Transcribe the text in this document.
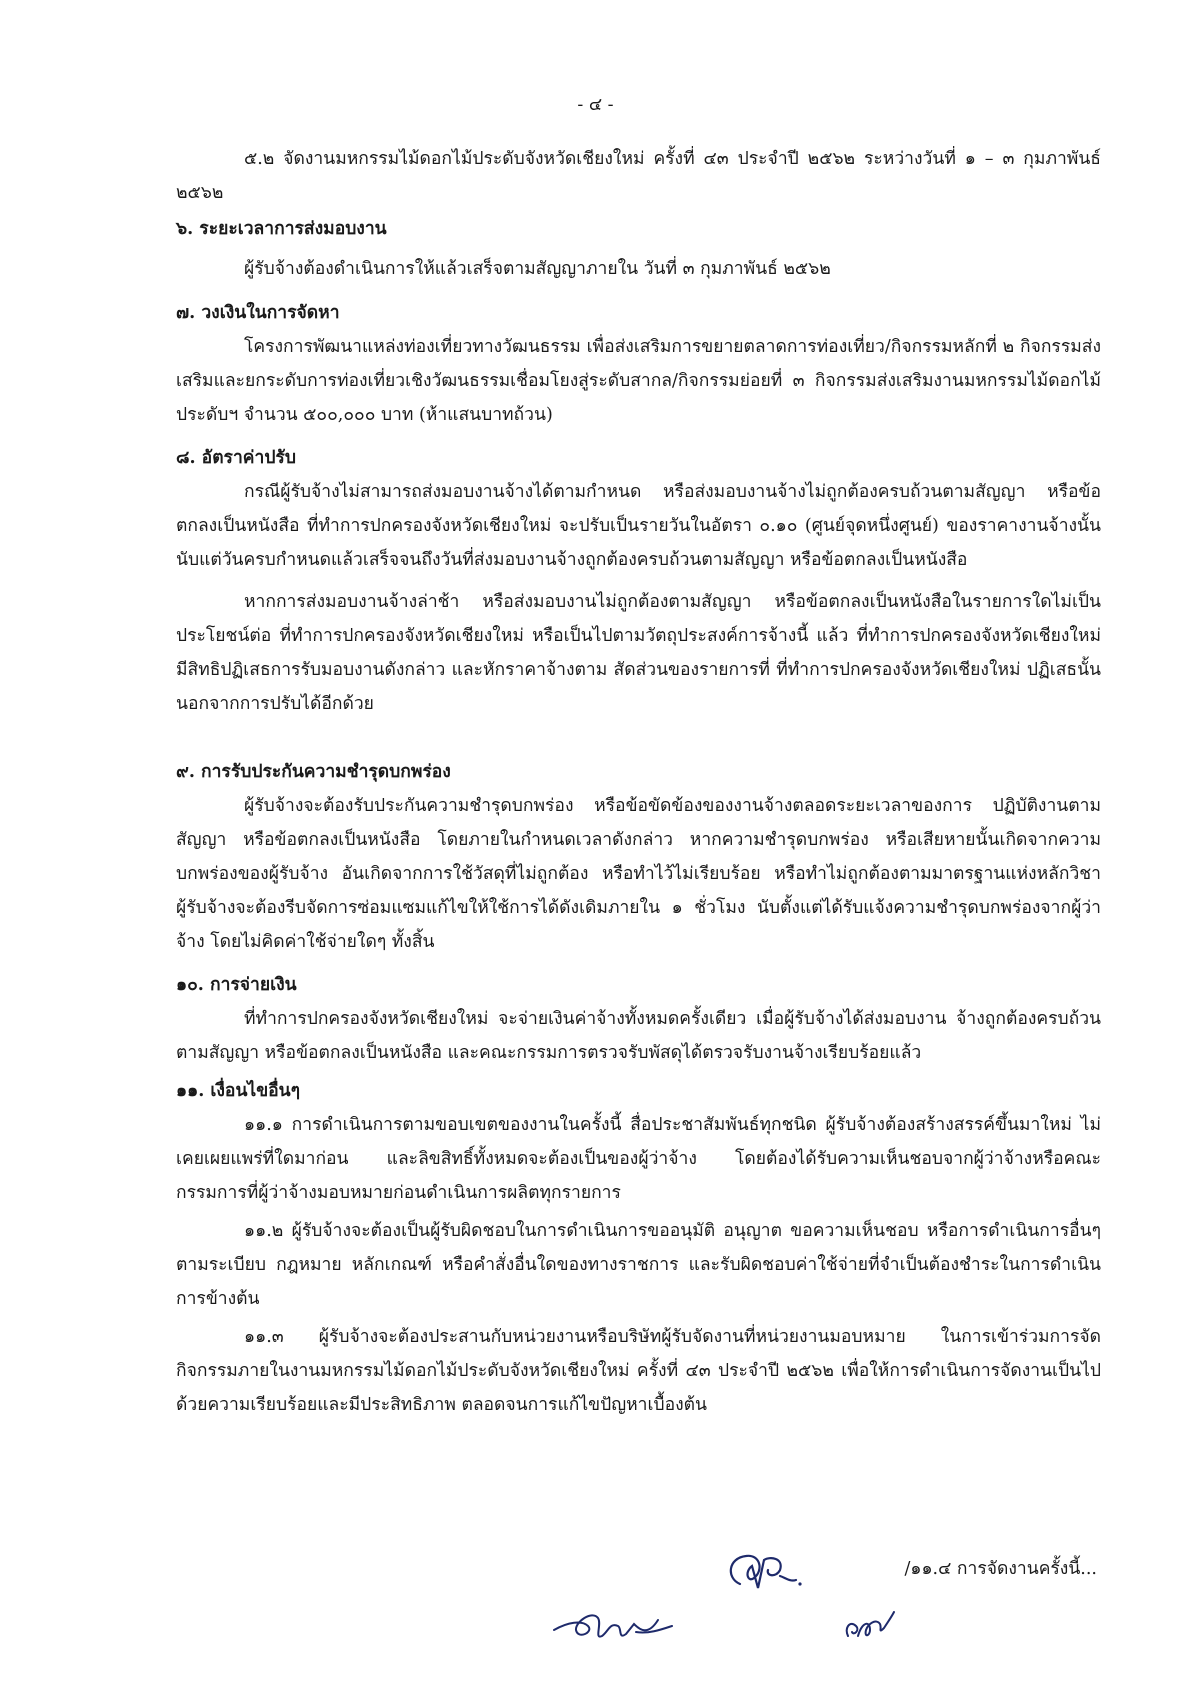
- ๔ -

๕.๒ จัดงานมหกรรมไม้ดอกไม้ประดับจังหวัดเชียงใหม่ ครั้งที่ ๔๓ ประจำปี ๒๕๖๒ ระหว่างวันที่ ๑ – ๓ กุมภาพันธ์ ๒๕๖๒

๖. ระยะเวลาการส่งมอบงาน

ผู้รับจ้างต้องดำเนินการให้แล้วเสร็จตามสัญญาภายใน วันที่ ๓ กุมภาพันธ์ ๒๕๖๒

๗. วงเงินในการจัดหา

โครงการพัฒนาแหล่งท่องเที่ยวทางวัฒนธรรม เพื่อส่งเสริมการขยายตลาดการท่องเที่ยว/กิจกรรมหลักที่ ๒ กิจกรรมส่งเสริมและยกระดับการท่องเที่ยวเชิงวัฒนธรรมเชื่อมโยงสู่ระดับสากล/กิจกรรมย่อยที่ ๓ กิจกรรมส่งเสริมงานมหกรรมไม้ดอกไม้ประดับฯ จำนวน ๕๐๐,๐๐๐ บาท (ห้าแสนบาทถ้วน)

๘. อัตราค่าปรับ

กรณีผู้รับจ้างไม่สามารถส่งมอบงานจ้างได้ตามกำหนด หรือส่งมอบงานจ้างไม่ถูกต้องครบถ้วนตามสัญญา หรือข้อตกลงเป็นหนังสือ ที่ทำการปกครองจังหวัดเชียงใหม่ จะปรับเป็นรายวันในอัตรา ๐.๑๐ (ศูนย์จุดหนึ่งศูนย์) ของราคางานจ้างนั้น นับแต่วันครบกำหนดแล้วเสร็จจนถึงวันที่ส่งมอบงานจ้างถูกต้องครบถ้วนตามสัญญา หรือข้อตกลงเป็นหนังสือ

หากการส่งมอบงานจ้างล่าช้า หรือส่งมอบงานไม่ถูกต้องตามสัญญา หรือข้อตกลงเป็นหนังสือในรายการใดไม่เป็นประโยชน์ต่อ ที่ทำการปกครองจังหวัดเชียงใหม่ หรือเป็นไปตามวัตถุประสงค์การจ้างนี้ แล้ว ที่ทำการปกครองจังหวัดเชียงใหม่ มีสิทธิปฏิเสธการรับมอบงานดังกล่าว และหักราคาจ้างตาม สัดส่วนของรายการที่ ที่ทำการปกครองจังหวัดเชียงใหม่ ปฏิเสธนั้น นอกจากการปรับได้อีกด้วย

๙. การรับประกันความชำรุดบกพร่อง

ผู้รับจ้างจะต้องรับประกันความชำรุดบกพร่อง หรือข้อขัดข้องของงานจ้างตลอดระยะเวลาของการ ปฏิบัติงานตามสัญญา หรือข้อตกลงเป็นหนังสือ โดยภายในกำหนดเวลาดังกล่าว หากความชำรุดบกพร่อง หรือเสียหายนั้นเกิดจากความบกพร่องของผู้รับจ้าง อันเกิดจากการใช้วัสดุที่ไม่ถูกต้อง หรือทำไว้ไม่เรียบร้อย หรือทำไม่ถูกต้องตามมาตรฐานแห่งหลักวิชา ผู้รับจ้างจะต้องรีบจัดการซ่อมแซมแก้ไขให้ใช้การได้ดังเดิมภายใน ๑ ชั่วโมง นับตั้งแต่ได้รับแจ้งความชำรุดบกพร่องจากผู้ว่าจ้าง โดยไม่คิดค่าใช้จ่ายใดๆ ทั้งสิ้น

๑๐. การจ่ายเงิน

ที่ทำการปกครองจังหวัดเชียงใหม่ จะจ่ายเงินค่าจ้างทั้งหมดครั้งเดียว เมื่อผู้รับจ้างได้ส่งมอบงาน จ้างถูกต้องครบถ้วนตามสัญญา หรือข้อตกลงเป็นหนังสือ และคณะกรรมการตรวจรับพัสดุได้ตรวจรับงานจ้างเรียบร้อยแล้ว

๑๑. เงื่อนไขอื่นๆ

๑๑.๑ การดำเนินการตามขอบเขตของงานในครั้งนี้ สื่อประชาสัมพันธ์ทุกชนิด ผู้รับจ้างต้องสร้างสรรค์ขึ้นมาใหม่ ไม่เคยเผยแพร่ที่ใดมาก่อน และลิขสิทธิ์ทั้งหมดจะต้องเป็นของผู้ว่าจ้าง โดยต้องได้รับความเห็นชอบจากผู้ว่าจ้างหรือคณะกรรมการที่ผู้ว่าจ้างมอบหมายก่อนดำเนินการผลิตทุกรายการ

๑๑.๒ ผู้รับจ้างจะต้องเป็นผู้รับผิดชอบในการดำเนินการขออนุมัติ อนุญาต ขอความเห็นชอบ หรือการดำเนินการอื่นๆ ตามระเบียบ กฎหมาย หลักเกณฑ์ หรือคำสั่งอื่นใดของทางราชการ และรับผิดชอบค่าใช้จ่ายที่จำเป็นต้องชำระในการดำเนินการข้างต้น

๑๑.๓ ผู้รับจ้างจะต้องประสานกับหน่วยงานหรือบริษัทผู้รับจัดงานที่หน่วยงานมอบหมาย ในการเข้าร่วมการจัดกิจกรรมภายในงานมหกรรมไม้ดอกไม้ประดับจังหวัดเชียงใหม่ ครั้งที่ ๔๓ ประจำปี ๒๕๖๒ เพื่อให้การดำเนินการจัดงานเป็นไปด้วยความเรียบร้อยและมีประสิทธิภาพ ตลอดจนการแก้ไขปัญหาเบื้องต้น

/๑๑.๔ การจัดงานครั้งนี้...
